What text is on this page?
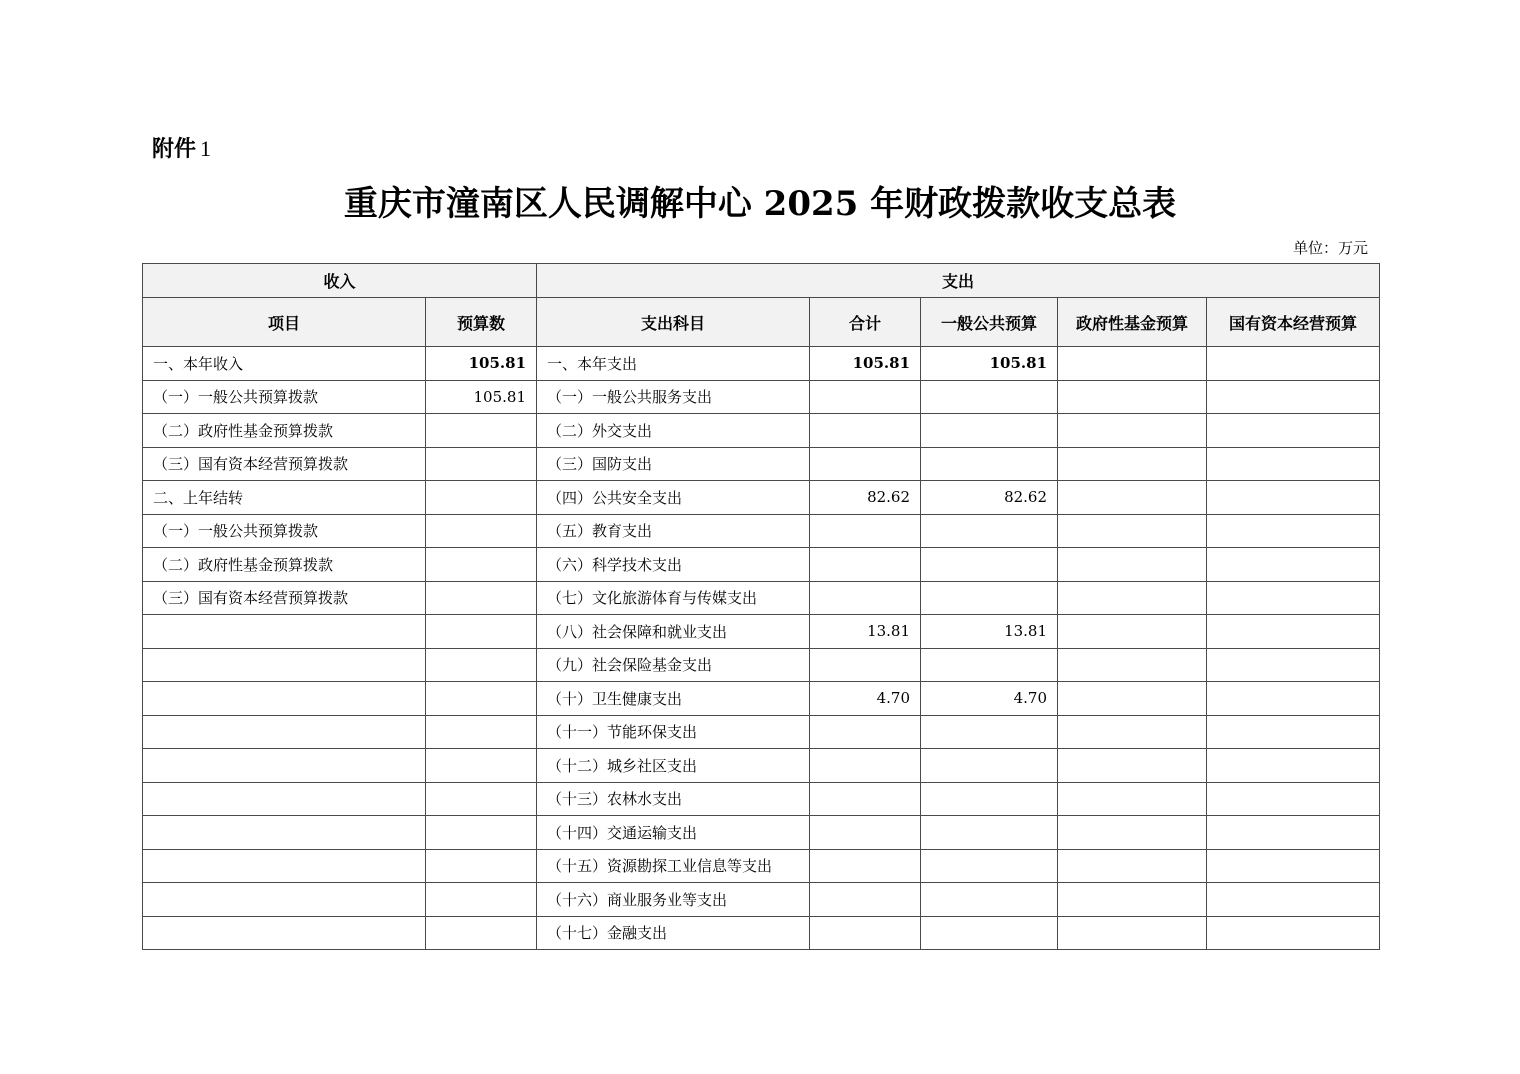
附件 1
重庆市潼南区人民调解中心 2025 年财政拨款收支总表
单位：万元
收入		支出				
项目	预算数	支出科目	合计	一般公共预算	政府性基金预算	国有资本经营预算
一、本年收入	105.81	一、本年支出	105.81	105.81		
（一）一般公共预算拨款	105.81	（一）一般公共服务支出				
（二）政府性基金预算拨款		（二）外交支出				
（三）国有资本经营预算拨款		（三）国防支出				
二、上年结转		（四）公共安全支出	82.62	82.62		
（一）一般公共预算拨款		（五）教育支出				
（二）政府性基金预算拨款		（六）科学技术支出				
（三）国有资本经营预算拨款		（七）文化旅游体育与传媒支出				
		（八）社会保障和就业支出	13.81	13.81		
		（九）社会保险基金支出				
		（十）卫生健康支出	4.70	4.70		
		（十一）节能环保支出				
		（十二）城乡社区支出				
		（十三）农林水支出				
		（十四）交通运输支出				
		（十五）资源勘探工业信息等支出				
		（十六）商业服务业等支出				
		（十七）金融支出				
